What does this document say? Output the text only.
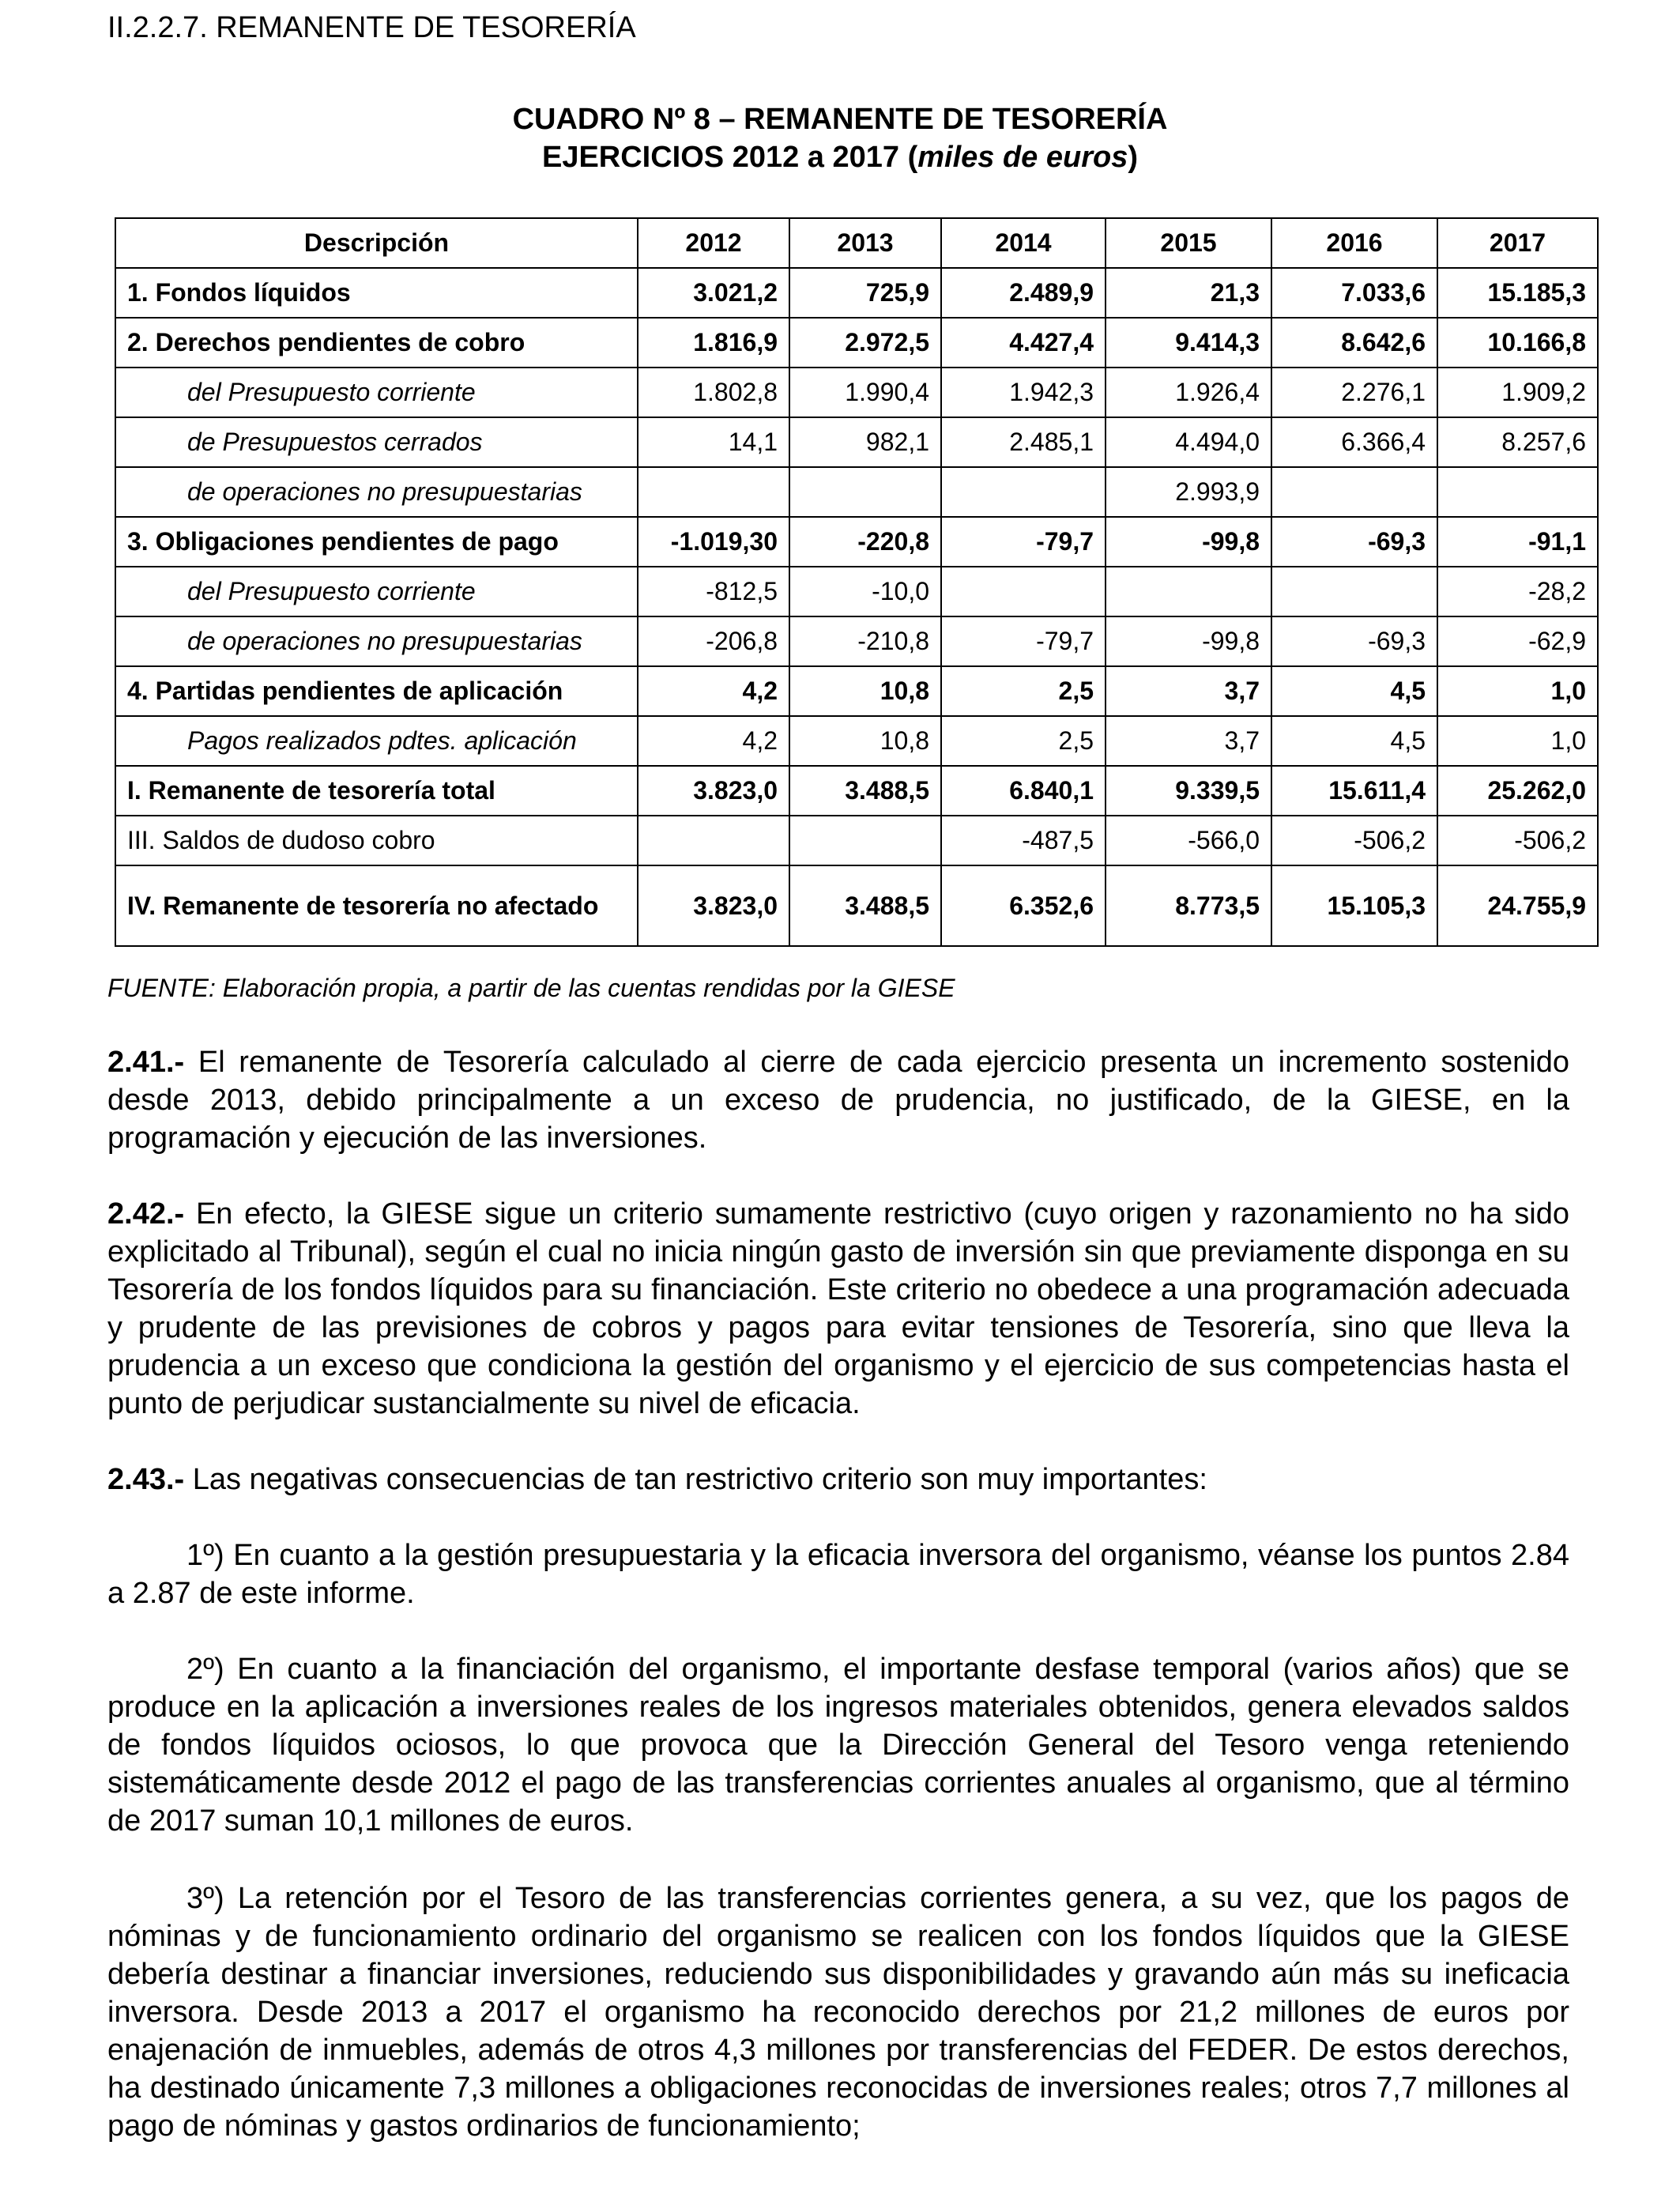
II.2.2.7. REMANENTE DE TESORERÍA
CUADRO Nº 8 – REMANENTE DE TESORERÍA
EJERCICIOS 2012 a 2017 (miles de euros)
Descripción	2012	2013	2014	2015	2016	2017
1. Fondos líquidos	3.021,2	725,9	2.489,9	21,3	7.033,6	15.185,3
2. Derechos pendientes de cobro	1.816,9	2.972,5	4.427,4	9.414,3	8.642,6	10.166,8
del Presupuesto corriente	1.802,8	1.990,4	1.942,3	1.926,4	2.276,1	1.909,2
de Presupuestos cerrados	14,1	982,1	2.485,1	4.494,0	6.366,4	8.257,6
de operaciones no presupuestarias				2.993,9		
3. Obligaciones pendientes de pago	-1.019,30	-220,8	-79,7	-99,8	-69,3	-91,1
del Presupuesto corriente	-812,5	-10,0				-28,2
de operaciones no presupuestarias	-206,8	-210,8	-79,7	-99,8	-69,3	-62,9
4. Partidas pendientes de aplicación	4,2	10,8	2,5	3,7	4,5	1,0
Pagos realizados pdtes. aplicación	4,2	10,8	2,5	3,7	4,5	1,0
I. Remanente de tesorería total	3.823,0	3.488,5	6.840,1	9.339,5	15.611,4	25.262,0
III. Saldos de dudoso cobro			-487,5	-566,0	-506,2	-506,2
IV. Remanente de tesorería no afectado	3.823,0	3.488,5	6.352,6	8.773,5	15.105,3	24.755,9
FUENTE: Elaboración propia, a partir de las cuentas rendidas por la GIESE
2.41.- El remanente de Tesorería calculado al cierre de cada ejercicio presenta un incremento sostenido desde 2013, debido principalmente a un exceso de prudencia, no justificado, de la GIESE, en la programación y ejecución de las inversiones.
2.42.- En efecto, la GIESE sigue un criterio sumamente restrictivo (cuyo origen y razonamiento no ha sido explicitado al Tribunal), según el cual no inicia ningún gasto de inversión sin que previamente disponga en su Tesorería de los fondos líquidos para su financiación. Este criterio no obedece a una programación adecuada y prudente de las previsiones de cobros y pagos para evitar tensiones de Tesorería, sino que lleva la prudencia a un exceso que condiciona la gestión del organismo y el ejercicio de sus competencias hasta el punto de perjudicar sustancialmente su nivel de eficacia.
2.43.- Las negativas consecuencias de tan restrictivo criterio son muy importantes:
1º) En cuanto a la gestión presupuestaria y la eficacia inversora del organismo, véanse los puntos 2.84 a 2.87 de este informe.
2º) En cuanto a la financiación del organismo, el importante desfase temporal (varios años) que se produce en la aplicación a inversiones reales de los ingresos materiales obtenidos, genera elevados saldos de fondos líquidos ociosos, lo que provoca que la Dirección General del Tesoro venga reteniendo sistemáticamente desde 2012 el pago de las transferencias corrientes anuales al organismo, que al término de 2017 suman 10,1 millones de euros.
3º) La retención por el Tesoro de las transferencias corrientes genera, a su vez, que los pagos de nóminas y de funcionamiento ordinario del organismo se realicen con los fondos líquidos que la GIESE debería destinar a financiar inversiones, reduciendo sus disponibilidades y gravando aún más su ineficacia inversora. Desde 2013 a 2017 el organismo ha reconocido derechos por 21,2 millones de euros por enajenación de inmuebles, además de otros 4,3 millones por transferencias del FEDER. De estos derechos, ha destinado únicamente 7,3 millones a obligaciones reconocidas de inversiones reales; otros 7,7 millones al pago de nóminas y gastos ordinarios de funcionamiento;
